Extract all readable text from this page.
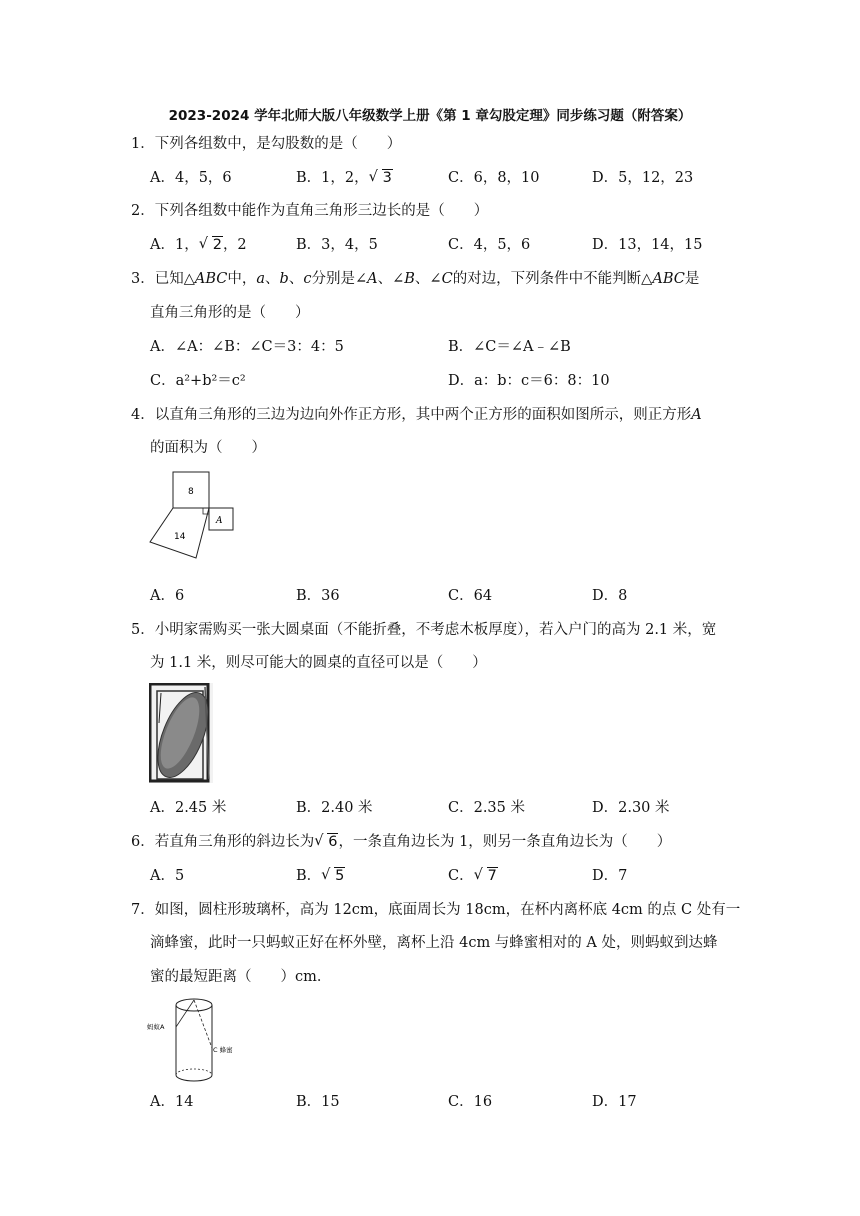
2023-2024 学年北师大版八年级数学上册《第 1 章勾股定理》同步练习题（附答案）
1．下列各组数中，是勾股数的是（　　）
A．4，5，6	B．1，2， √ 3	C．6，8，10	D．5，12，23
2．下列各组数中能作为直角三角形三边长的是（　　）
A．1， √ 2，2	B．3，4，5	C．4，5，6	D．13，14，15
3．已知△ABC中，a、b、c分别是∠A、∠B、∠C的对边，下列条件中不能判断△ABC是
直角三角形的是（　　）
A．∠A：∠B：∠C＝3：4：5	B．∠C＝∠A﹣∠B
C．a²+b²＝c²	D．a：b：c＝6：8：10
4．以直角三角形的三边为边向外作正方形，其中两个正方形的面积如图所示，则正方形A
的面积为（　　）
8
14
A
A．6	B．36	C．64	D．8
5．小明家需购买一张大圆桌面（不能折叠，不考虑木板厚度），若入户门的高为 2.1 米，宽
为 1.1 米，则尽可能大的圆桌的直径可以是（　　）
A．2.45 米	B．2.40 米	C．2.35 米	D．2.30 米
6．若直角三角形的斜边长为 √ 6，一条直角边长为 1，则另一条直角边长为（　　）
A．5	B． √ 5	C． √ 7	D．7
7．如图，圆柱形玻璃杯，高为 12cm，底面周长为 18cm，在杯内离杯底 4cm 的点 C 处有一
滴蜂蜜，此时一只蚂蚁正好在杯外壁，离杯上沿 4cm 与蜂蜜相对的 A 处，则蚂蚁到达蜂
蜜的最短距离（　　）cm．
蚂蚁A
C 蜂蜜
A．14	B．15	C．16	D．17
